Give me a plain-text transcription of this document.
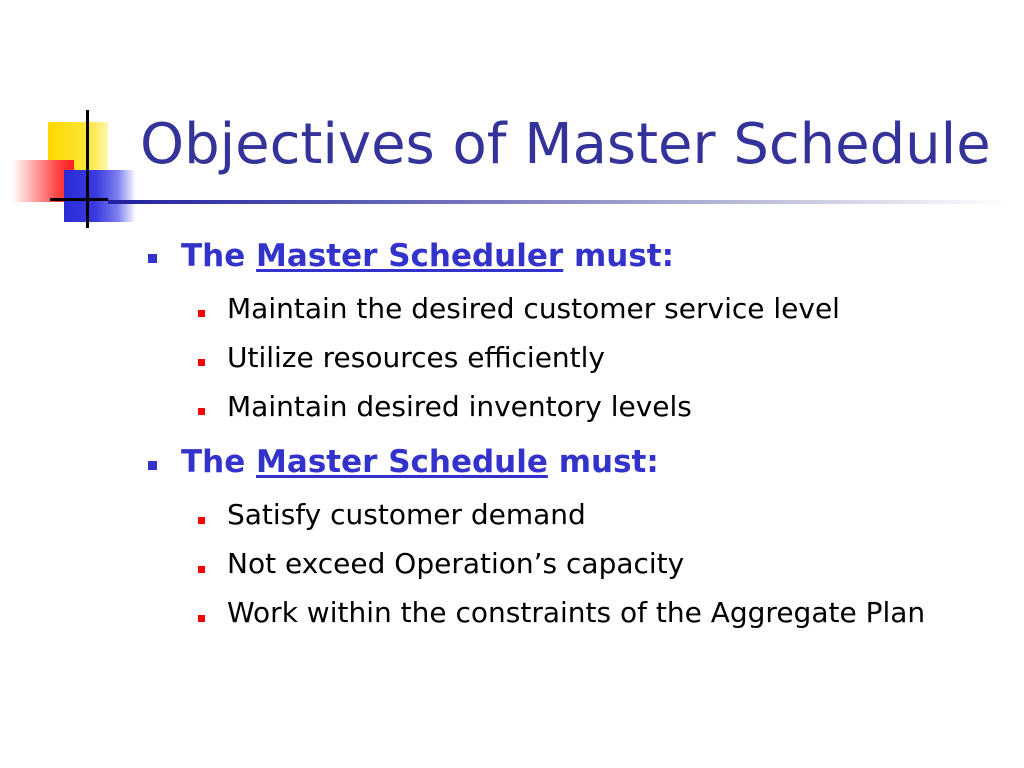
Objectives of Master Schedule
The Master Scheduler must:
Maintain the desired customer service level
Utilize resources efficiently
Maintain desired inventory levels
The Master Schedule must:
Satisfy customer demand
Not exceed Operation’s capacity
Work within the constraints of the Aggregate Plan
